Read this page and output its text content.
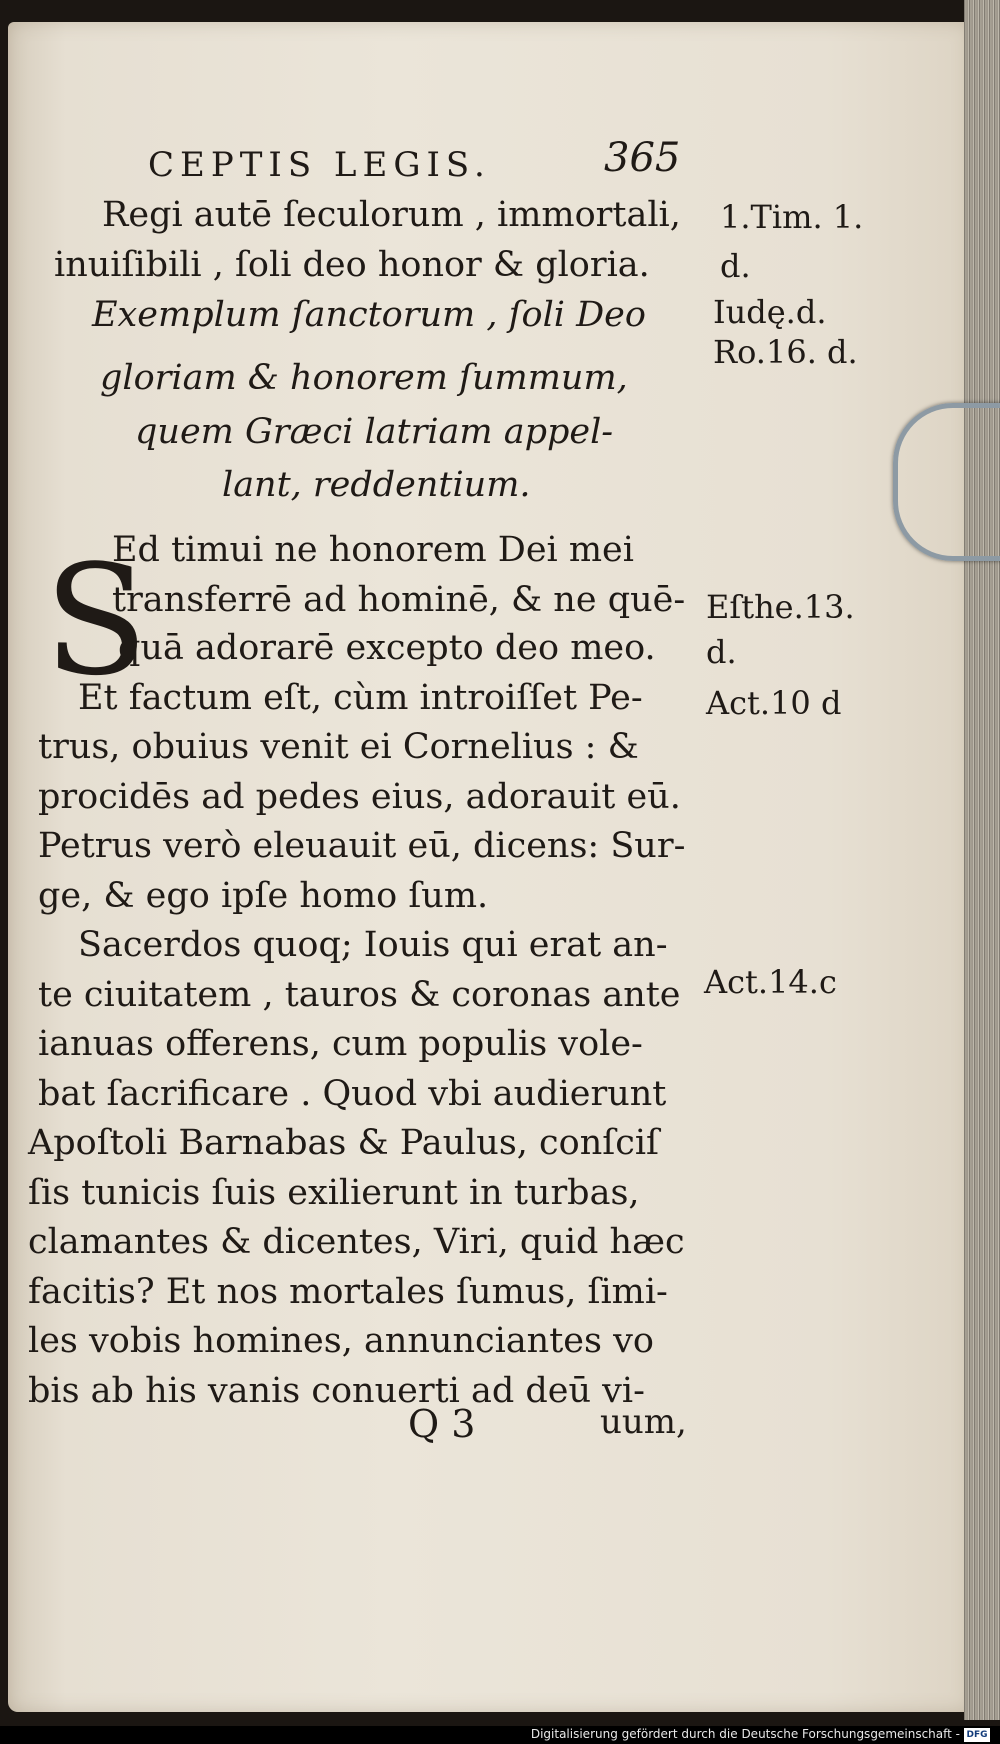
CEPTIS LEGIS.	365
S
Regi autē ſeculorum , immortali,
inuiſibili , ſoli deo honor & gloria.
Exemplum ſanctorum , ſoli Deo
gloriam & honorem ſummum,
quem Græci latriam appel-
lant, reddentium.
Ed timui ne honorem Dei mei
transferrē ad hominē, & ne quē-
quā adorarē excepto deo meo.
Et factum eſt, cùm introiſſet Pe-
trus, obuius venit ei Cornelius : &
procidēs ad pedes eius, adorauit eū.
Petrus verò eleuauit eū, dicens: Sur-
ge, & ego ipſe homo ſum.
Sacerdos quoq; Iouis qui erat an-
te ciuitatem , tauros & coronas ante
ianuas offerens, cum populis vole-
bat ſacrificare . Quod vbi audierunt
Apoſtoli Barnabas & Paulus, conſciſ
ſis tunicis ſuis exilierunt in turbas,
clamantes & dicentes, Viri, quid hæc
facitis? Et nos mortales ſumus, ſimi-
les vobis homines, annunciantes vo
bis ab his vanis conuerti ad deū vi-
1.Tim. 1.
d.
Iudę.d.
Ro.16. d.
Eſthe.13.
d.
Act.10 d
Act.14.c
Q 3	uum,
Digitalisierung gefördert durch die Deutsche Forschungsgemeinschaft - DFG
